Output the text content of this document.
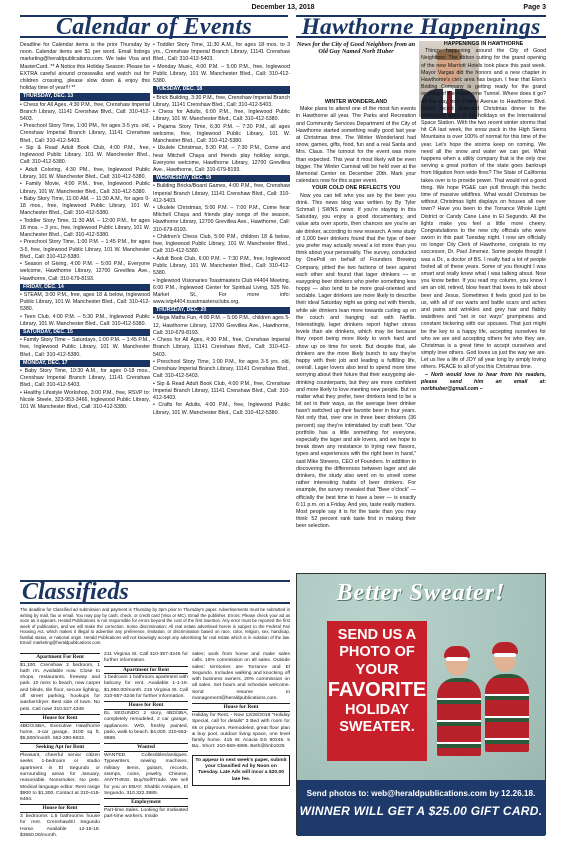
December 13, 2018	Page 3
Calendar of Events	Hawthorne Happenings

Deadline for Calendar items is the prior Thursday by noon. Calendar items are $1 per word. Email listings marketing@heraldpublications.com. We take Visa and MasterCard. ** A Notice this Holiday Season: Please be EXTRA careful around crosswalks and watch out for children crossing, please slow down & enjoy this holiday time of year!!! **

THURSDAY, DEC. 13

• Chess for All Ages, 4:30 P.M., free, Crenshaw Imperial Branch Library, 11141 Crenshaw Blvd., Call: 310-412-5403.

• Preschool Story Time, 1:00 PM., for ages 3-5 yrs. old, Crenshaw Imperial Branch Library, 11141 Crenshaw Blvd., Call: 310-412-5403.

• Sip & Read Adult Book Club, 4:00 P.M., free, Inglewood Public Library, 101 W. Manchester Blvd., Call: 310-412-5380.

• Adult Coloring, 4:30 PM., free, Inglewood Public Library, 101 W. Manchester Blvd., Call: 310-412-5380.

• Family Movie, 4:00 P.M., free, Inglewood Public Library, 101 W. Manchester Blvd., Call: 310-412-5380.

• Baby Story Time, 11:00 AM. – 11:30 A.M., for ages 0-18 mos., free, Inglewood Public Library, 101 W. Manchester Blvd., Call: 310-412-5380.

• Toddler Story Time, 11:30 AM. – 12:00 P.M., for ages 18 mos. – 3 yrs., free, Inglewood Public Library, 101 W. Manchester Blvd., Call: 310-412-5380.

• Preschool Story Time, 1:00 P.M. – 1:45 P.M., for ages 3-5, free, Inglewood Public Library, 101 W. Manchester Blvd., Call: 310-412-5380.

• Season of Giving, 4:00 P.M. – 5:00 P.M., Everyone welcome, Hawthorne Library, 12700 Grevillea Ave., Hawthorne, Call: 310-679-8193.

FRIDAY, DEC. 14

• STEAM, 3:00 P.M., free, ages 18 & below, Inglewood Public Library, 101 W. Manchester Blvd., Call: 310-412-5380.

• Teen Club, 4:00 P.M. – 5:30 P.M., Inglewood Public Library, 101 W. Manchester Blvd., Call: 310-412-5380.

SATURDAY, DEC. 15

• Family Story Time – Saturdays, 1:00 P.M. – 1:45 P.M., free, Inglewood Public Library, 101 W. Manchester Blvd., Call: 310-412-5380.

MONDAY, DEC. 17

• Baby Story Time, 10:30 A.M., for ages 0-18 mos., Crenshaw Imperial Branch Library, 11141 Crenshaw Blvd., Call: 310-412-5403.

• Healthy Lifestyle Workshop, 3:00 P.M., free, RSVP to: Nicole Steele, 323-953-3466, Inglewood Public Library, 101 W. Manchester Blvd., Call: 310-412-5380.

• Toddler Story Time, 11:30 A.M., for ages 18 mos. to 3 yrs., Crenshaw Imperial Branch Library, 11141 Crenshaw Blvd., Call: 310-412-5403.

• Monday Music, 4:00 P.M. – 5:00 P.M., free, Inglewood Public Library, 101 W. Manchester Blvd., Call: 310-412-5380.

TUESDAY, DEC. 18

• Brick Building, 3:30 P.M., free, Crenshaw Imperial Branch Library, 11141 Crenshaw Blvd., Call: 310-412-5403.

• Chess for Adults, 6:00 P.M., free, Inglewood Public Library, 101 W. Manchester Blvd., Call: 310-412-5380.

• Pajama Story Time, 6:30 P.M. – 7:30 P.M., all ages welcome, free, Inglewood Public Library, 101 W. Manchester Blvd., Call: 310-412-5380.

• Ukulele Christmas, 5:30 P.M. – 7:30 P.M., Come and hear Mitchell Chaya and friends play holiday songs, Everyone welcome, Hawthorne Library, 12700 Grevillea Ave., Hawthorne, Call: 310-679-8193.

WEDNESDAY, DEC. 19

• Building Bricks/Board Games, 4:00 P.M., free, Crenshaw Imperial Branch Library, 11141 Crenshaw Blvd., Call: 310-412-5403.

• Ukulele Christmas, 5:00 P.M. – 7:00 P.M., Come hear Mitchell Chaya and friends play songs of the season, Hawthorne Library, 12700 Grevillea Ave., Hawthorne, Call: 310-679-8193.

• Children's Chess Club, 5:00 P.M., children 18 & below, free, Inglewood Public Library, 101 W. Manchester Blvd., Call: 310-412-5380.

• Adult Book Club, 6:00 P.M. – 7:30 P.M., free, Inglewood Public Library, 101 W. Manchester Blvd., Call: 310-412-5380.

• Inglewood Visionaries Toastmasters Club #4404 Meeting, 6:00 P.M., Inglewood Center for Spiritual Living, 525 No. Market St., For more info: www.ivtg4404.toastmastersclubs.org.

THURSDAY, DEC. 20

• Mega Maths Fun, 4:00 P.M. – 5:00 P.M., children ages 5-12, Hawthorne Library, 12700 Grevillea Ave., Hawthorne, Call: 310-679-8193.

• Chess for All Ages, 4:30 P.M., free, Crenshaw Imperial Branch Library, 11141 Crenshaw Blvd., Call: 310-412-5403.

• Preschool Story Time, 1:00 P.M., for ages 3-5 yrs. old, Crenshaw Imperial Branch Library, 11141 Crenshaw Blvd., Call: 310-412-5403.

• Sip & Read Adult Book Club, 4:00 P.M., free, Crenshaw Imperial Branch Library, 11141 Crenshaw Blvd., Call: 310-412-5403.

• Crafts for Adults, 4:00 P.M., free, Inglewood Public Library, 101 W. Manchester Blvd., Call: 310-412-5380.

News for the City of Good Neighbors from an Old Guy Named Norb Huber
WINTER WONDERLAND

Make plans to attend one of the most fun events in Hawthorne all year. The Parks and Recreation and Community Services Department of the City of Hawthorne started something really good last year at Christmas time. The Winter Wonderland had snow, games, gifts, food, fun and a real Santa and Mrs. Claus. The turnout for the event was more than expected. This year it most likely will be even bigger. The Winter Carnival will be held over at the Memorial Center on December 20th. Mark your calendars now for this super event.

YOUR COLD ONE REFLECTS YOU

Now you can tell who you are by the beer you drink. This news blog was written by By Tyler Schmall | SWNS news: If you're staying in this Saturday, you enjoy a good documentary, and value arts over sports, then chances are you're an ale drinker, according to new research. A new study of 1,000 beer drinkers found that the type of beer you prefer may actually reveal a lot more than you think about your personality. The survey, conducted by OnePoll on behalf of Founders Brewing Company, pitted the two factions of beer against each other and found that lager drinkers — or easygoing beer drinkers who prefer something less hoppy — also tend to be more goal-oriented and sociable. Lager drinkers are more likely to describe their ideal Saturday night as going out with friends, while ale drinkers lean more towards curling up on the couch and hanging out with Netflix. Interestingly, lager drinkers report higher stress levels than ale drinkers, which may be because they report being more likely to work hard and show up on time for work. But despite that, ale drinkers are the more likely bunch to say they're happy with their job and leading a fulfilling life, overall. Lager lovers also tend to spend more time worrying about their future that their easygoing ale-drinking counterparts, but they are more confident and more likely to love meeting new people. But no matter what they prefer, beer drinkers tend to be a bit set in their ways, as the average beer drinker hasn't switched up their favorite beer in four years. Not only that, over one in three beer drinkers (36 percent) say they're intimidated by craft beer. "Our portfolio has a little something for everyone, especially the lager and ale lovers, and we hope to break down any resistance to trying new flavors, types and experiences with the right beer in hand," said Mike Stevens, CEO of Founders. In addition to discovering the differences between lager and ale drinkers, the study also went on to unveil some rather interesting habits of beer drinkers. For example, the survey revealed that "Beer o'clock" — officially the best time to have a beer — is exactly 6:11 p.m. on a Friday. And yes, taste really matters. Most people say it is for the taste than you may think: 52 percent rank taste first in making their beer selection.

HAPPENINGS IN HAWTHORNE

Things happening around the City of Good Neighbors: The ribbon cutting for the grand opening of the new Marriott Hotels took place this past week. Mayor Vargas did the honors and a new chapter in Hawthorne's civic area has begun. I hear that Elon's Boding Company is getting ready for the grand opening of the Hawthorne Tunnel. Where does it go? All the way from Prairie Avenue to Hawthorne Blvd. Elon's rocket delivered Christmas dinner to the astronauts stuck in the holidays on the International Space Station. With the two recent winter storms that hit CA last week, the snow pack in the High Sierra Mountains is over 100% of normal for this time of the year. Let's hope the storms keep on coming. We need all the snow and water we can get. What happens when a utility company that is the only one serving a great portion of the state goes bankrupt from litigation from wide fires? The State of California takes over is to provide power. That would not a good thing. We hope PG&E can pull through this hectic time of massive wildfires. What would Christmas be without Christmas light displays on houses all over town? Have you been to the Torrance Whole Light District or Candy Cane Lane in El Segundo. All the lights make you feel a little more cheery. Congratulations to the new city officials who were sworn in this past Tuesday night. I now am officially no longer City Clerk of Hawthorne, congrats to my successor, Dr. Paul Jimenez. Some people thought I was a Dr., a doctor of BS. I really had a lot of people fooled all of these years. Some of you thought I was smart and really knew what I was talking about. Now you know better. If you read my column, you know I am an old, retired, blow heart that loves to talk about beer and Jesus. Sometimes it feels good just to be us, with all of our warts and battle scars and aches and pains and wrinkles and grey hair and flabby waistlines and "set in our ways" grumpiness and constant bickering with our spouses. That just might be the key to a happy life, accepting ourselves for who we are and accepting others for who they are. Christmas is a great time to accept ourselves and simply love others. God loves us just the way we are. Let us live a life of JOY all year long by simply loving others. PEACE to all of you this Christmas time.

– Norb would love to hear from his readers, please send him an email at: norbhuber@gmail.com –

Classifieds
The deadline for Classified ad submission and payment is Thursday by 3pm prior to Thursday's paper. Advertisements must be submitted in writing by mail, fax or email. You may pay by cash, check, or credit card (Visa or MC). Email the publisher. Errors: Please check your ad as soon as it appears. Herald Publications is not responsible for errors beyond the cost of the first insertion. Any error must be reported the first week of publication, and we will make the correction. Some discrimination: All real estate advertised herein is subject to the Federal Fair Housing Act, which makes it illegal to advertise any preference, limitation, or discrimination based on race, color, religion, sex, handicap, familial status, or national origin. Herald Publications will not knowingly accept any advertising for real estate which is in violation of the law. Email: marketing@heraldpublications.com.
Apartment For Rent

$1,100. Crenshaw 2 bedroom, 1 bath rm. Available now. Close to shops, restaurants, freeway and park. 10 mins to beach, new carpet and blinds, tile floor, secure lighting, off street parking, hookups for washer/dryer. Best side of town. No pets. Call now! 310.527.4346

House for Rent

4BD/3.5BA, Executive Hawthorne home, 4-car garage, 3100 sq ft, $5,500/month. 562-280-6933.

Seeking Apt for Rent

Pleasant, cheerful senior citizen seeks 1-bedroom or studio apartment in El Segundo or surrounding areas for January, reasonable. Nonsmoker, No pets. Medical language editor. Rent range $900 to $1,300. Contact at 310-415-6464.

House for Rent

3 bedrooms 1.5 bathrooms house for rent. Crenshaw/El Segundo Home. Available 12-15-18. $3650.00/month.

211 Virginia St. Call 310-357-3246 for further information.

Apartment for Rent

1 bedroom 1 bathroom apartment with balcony for rent. Available 1-1-19. $1,950.00/month. 215 Virginia St. Call 310-857-3246 for further information.

House for Rent

EL SEGUNDO 2 story, 4BD/3BA, completely remodeled, 2 car garage, appliances. W/D, freshly painted, patio, walk to beach. $4,000. 310-663-9888.

Wanted

WANTED. Collectibles/antiques. Typewriters, sewing machines, military items, guitars, records, stamps, coins, jewelry, Chinese, ANYTHING. Buy/Sell/Trade. We sell for you on EBAY. Shabbi Antiques, El Segundo. 310.322.3985.

Employment

Part-time Sales. Looking for motivated part-time workers. Inside

sales; work from home and make sales calls. 15% commission on all sales. Outside sales: territories are Torrance and El Segundo. Includes walking and knocking off with business owners. 20% commission on all sales. Set hours and schedule welcome. Send resume to management@heraldpublications.com.

House for Rent

Holiday for Rent. - Now 12/26/2018 "Holiday Special, call for details" 3 Bed with room for 6k or playroom. Remodeled, great floor plan & buy pool, outdoor living space, one level family home. 415 W. Acacia ES 90245. 5 Ba.. Short: 310-569-4896. Beth@bnb1025

To appear in next week's paper, submit your Classified Ad by Noon on Tuesday. Late Ads will incur a $20.00 late fee.
Better Sweater!
SEND US A
PHOTO OF
YOUR
FAVORITE
HOLIDAY
SWEATER.
Send photos to: web@heraldpublications.com by 12.26.18.
WINNER WILL GET A $25.00 GIFT CARD.
